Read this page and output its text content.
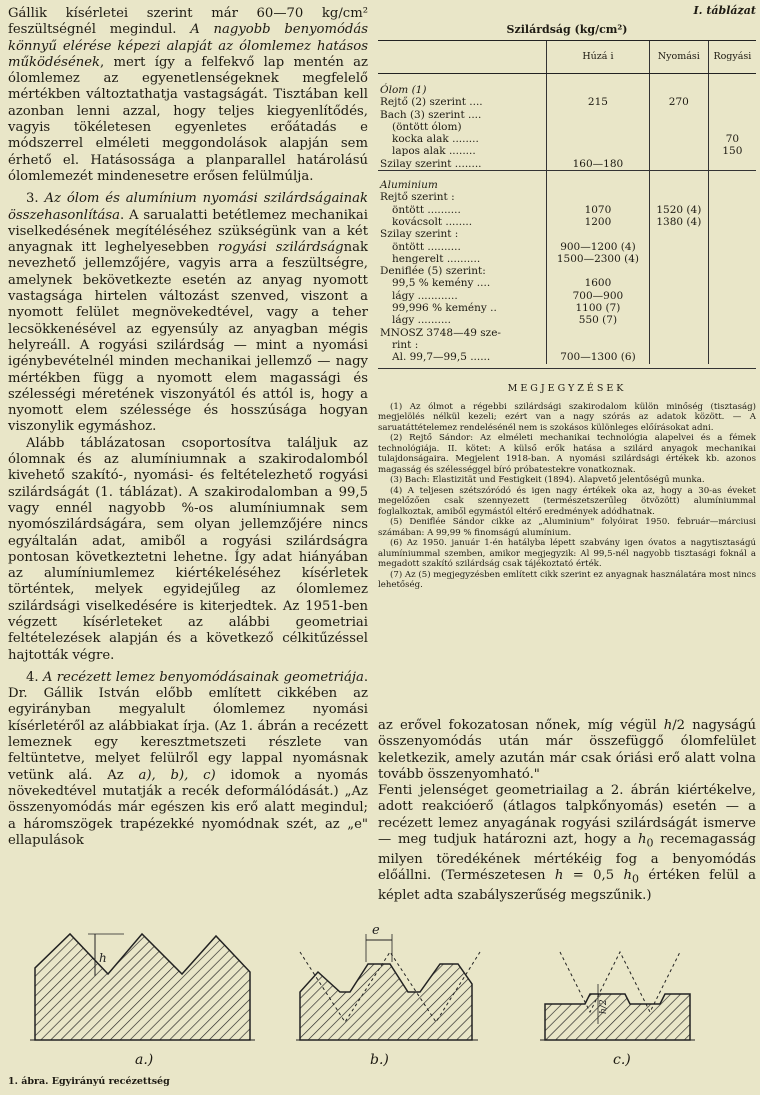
Gállik kísérletei szerint már 60—70 kg/cm² feszültségnél megindul. A nagyobb benyomódás könnyű elérése képezi alapját az ólomlemez hatásos működésének, mert így a felfekvő lap mentén az ólomlemez az egyenetlenségeknek megfelelő mértékben változtathatja vastagságát. Tisztában kell azonban lenni azzal, hogy teljes kiegyenlítődés, vagyis tökéletesen egyenletes erőátadás e módszerrel elméleti meggondolások alapján sem érhető el. Hatásossága a planparallel határolású ólomlemezét mindenesetre erősen felülmúlja.

3. Az ólom és alumínium nyomási szilárdságainak összehasonlítása. A sarualatti betétlemez mechanikai viselkedésének megítéléséhez szükségünk van a két anyagnak itt leghelyesebben rogyási szilárdságnak nevezhető jellemzőjére, vagyis arra a feszültségre, amelynek bekövetkezte esetén az anyag nyomott vastagsága hirtelen változást szenved, viszont a nyomott felület megnövekedtével, vagy a teher lecsökkenésével az egyensúly az anyagban mégis helyreáll. A rogyási szilárdság — mint a nyomási igénybevételnél minden mechanikai jellemző — nagy mértékben függ a nyomott elem magassági és szélességi méretének viszonyától és attól is, hogy a nyomott elem szélessége és hosszúsága hogyan viszonylik egymáshoz.

Alább táblázatosan csoportosítva találjuk az ólomnak és az alumíniumnak a szakirodalomból kivehető szakító-, nyomási- és feltételezhető rogyási szilárdságát (1. táblázat). A szakirodalomban a 99,5 vagy ennél nagyobb %-os alumíniumnak sem nyomószilárdságára, sem olyan jellemzőjére nincs egyáltalán adat, amiből a rogyási szilárdságra pontosan következtetni lehetne. Így adat hiányában az alumíniumlemez kiértékeléséhez kísérletek történtek, melyek egyidejűleg az ólomlemez szilárdsági viselkedésére is kiterjedtek. Az 1951-ben végzett kísérleteket az alábbi geometriai feltételezések alapján és a következő célkitűzéssel hajtották végre.

4. A recézett lemez benyomódásainak geometriája. Dr. Gállik István előbb említett cikkében az egyirányban megyalult ólomlemez nyomási kísérletéről az alábbiakat írja. (Az 1. ábrán a recézett lemeznek egy keresztmetszeti részlete van feltüntetve, melyet felülről egy lappal nyomásnak vetünk alá. Az a), b), c) idomok a nyomás növekedtével mutatják a recék deformálódását.) „Az összenyomódás már egészen kis erő alatt megindul; a háromszögek trapézekké nyomódnak szét, az „e" ellapulások

I. táblázat

Szilárdság (kg/cm²)

	Húzá i	Nyomási	Rogyási

Ólom (1)			
Rejtő (2) szerint ....	215	270	
Bach (3) szerint ....			
(öntött ólom)			
kocka alak ........			70
lapos alak ........			150
Szilay szerint ........	160—180		

Aluminium			
Rejtő szerint :			
öntött ..........	1070	1520 (4)	
kovácsolt ........	1200	1380 (4)	
Szilay szerint :			
öntött ..........	900—1200 (4)		
hengerelt ..........	1500—2300 (4)		
Deniflée (5) szerint:			
99,5 % kemény ....	1600		
lágy ............	700—900		
99,996 % kemény ..	1100 (7)		
lágy ..........	550 (7)		
MNOSZ 3748—49 sze-			
rint :			
Al. 99,7—99,5 ......	700—1300 (6)		
MEGJEGYZÉSEK

(1) Az ólmot a régebbi szilárdsági szakirodalom külön minőség (tisztaság) megjelölés nélkül kezeli; ezért van a nagy szórás az adatok között. — A saruatáttételemez rendelésénél nem is szokásos különleges előírásokat adni.

(2) Rejtő Sándor: Az elméleti mechanikai technológia alapelvei és a fémek technológiája. II. kötet: A külső erők hatása a szilárd anyagok mechanikai tulajdonságaira. Megjelent 1918-ban. A nyomási szilárdsági értékek kb. azonos magasság és szélességgel bíró próbatestekre vonatkoznak.

(3) Bach: Elastizität und Festigkeit (1894). Alapvető jelentőségű munka.

(4) A teljesen szétszóródó és igen nagy értékek oka az, hogy a 30-as éveket megelőzően csak szennyezett (természetszerűleg ötvözött) alumíniummal foglalkoztak, amiből egymástól eltérő eredmények adódhatnak.

(5) Deniflée Sándor cikke az „Aluminium" folyóirat 1950. február—márciusi számában: A 99,99 % finomságú alumínium.

(6) Az 1950. január 1-én hatályba lépett szabvány igen óvatos a nagytisztaságú alumíniummal szemben, amikor megjegyzik: Al 99,5-nél nagyobb tisztasági foknál a megadott szakító szilárdság csak tájékoztató érték.

(7) Az (5) megjegyzésben említett cikk szerint ez anyagnak használatára most nincs lehetőség.

az erővel fokozatosan nőnek, míg végül h/2 nagyságú összenyomódás után már összefüggő ólomfelület keletkezik, amely azután már csak óriási erő alatt volna tovább összenyomható."

Fenti jelenséget geometriailag a 2. ábrán kiértékelve, adott reakcióerő (átlagos talpkőnyomás) esetén — a recézett lemez anyagának rogyási szilárdságát ismerve — meg tudjuk határozni azt, hogy a $h_0$ recemagasság milyen töredékének mértékéig fog a benyomódás előállni. (Természetesen h = 0,5 $h_0$ értéken felül a képlet adta szabályszerűség megszűnik.)

h
e
h/2
a.)	b.)	c.)
1. ábra. Egyirányú recézettség
